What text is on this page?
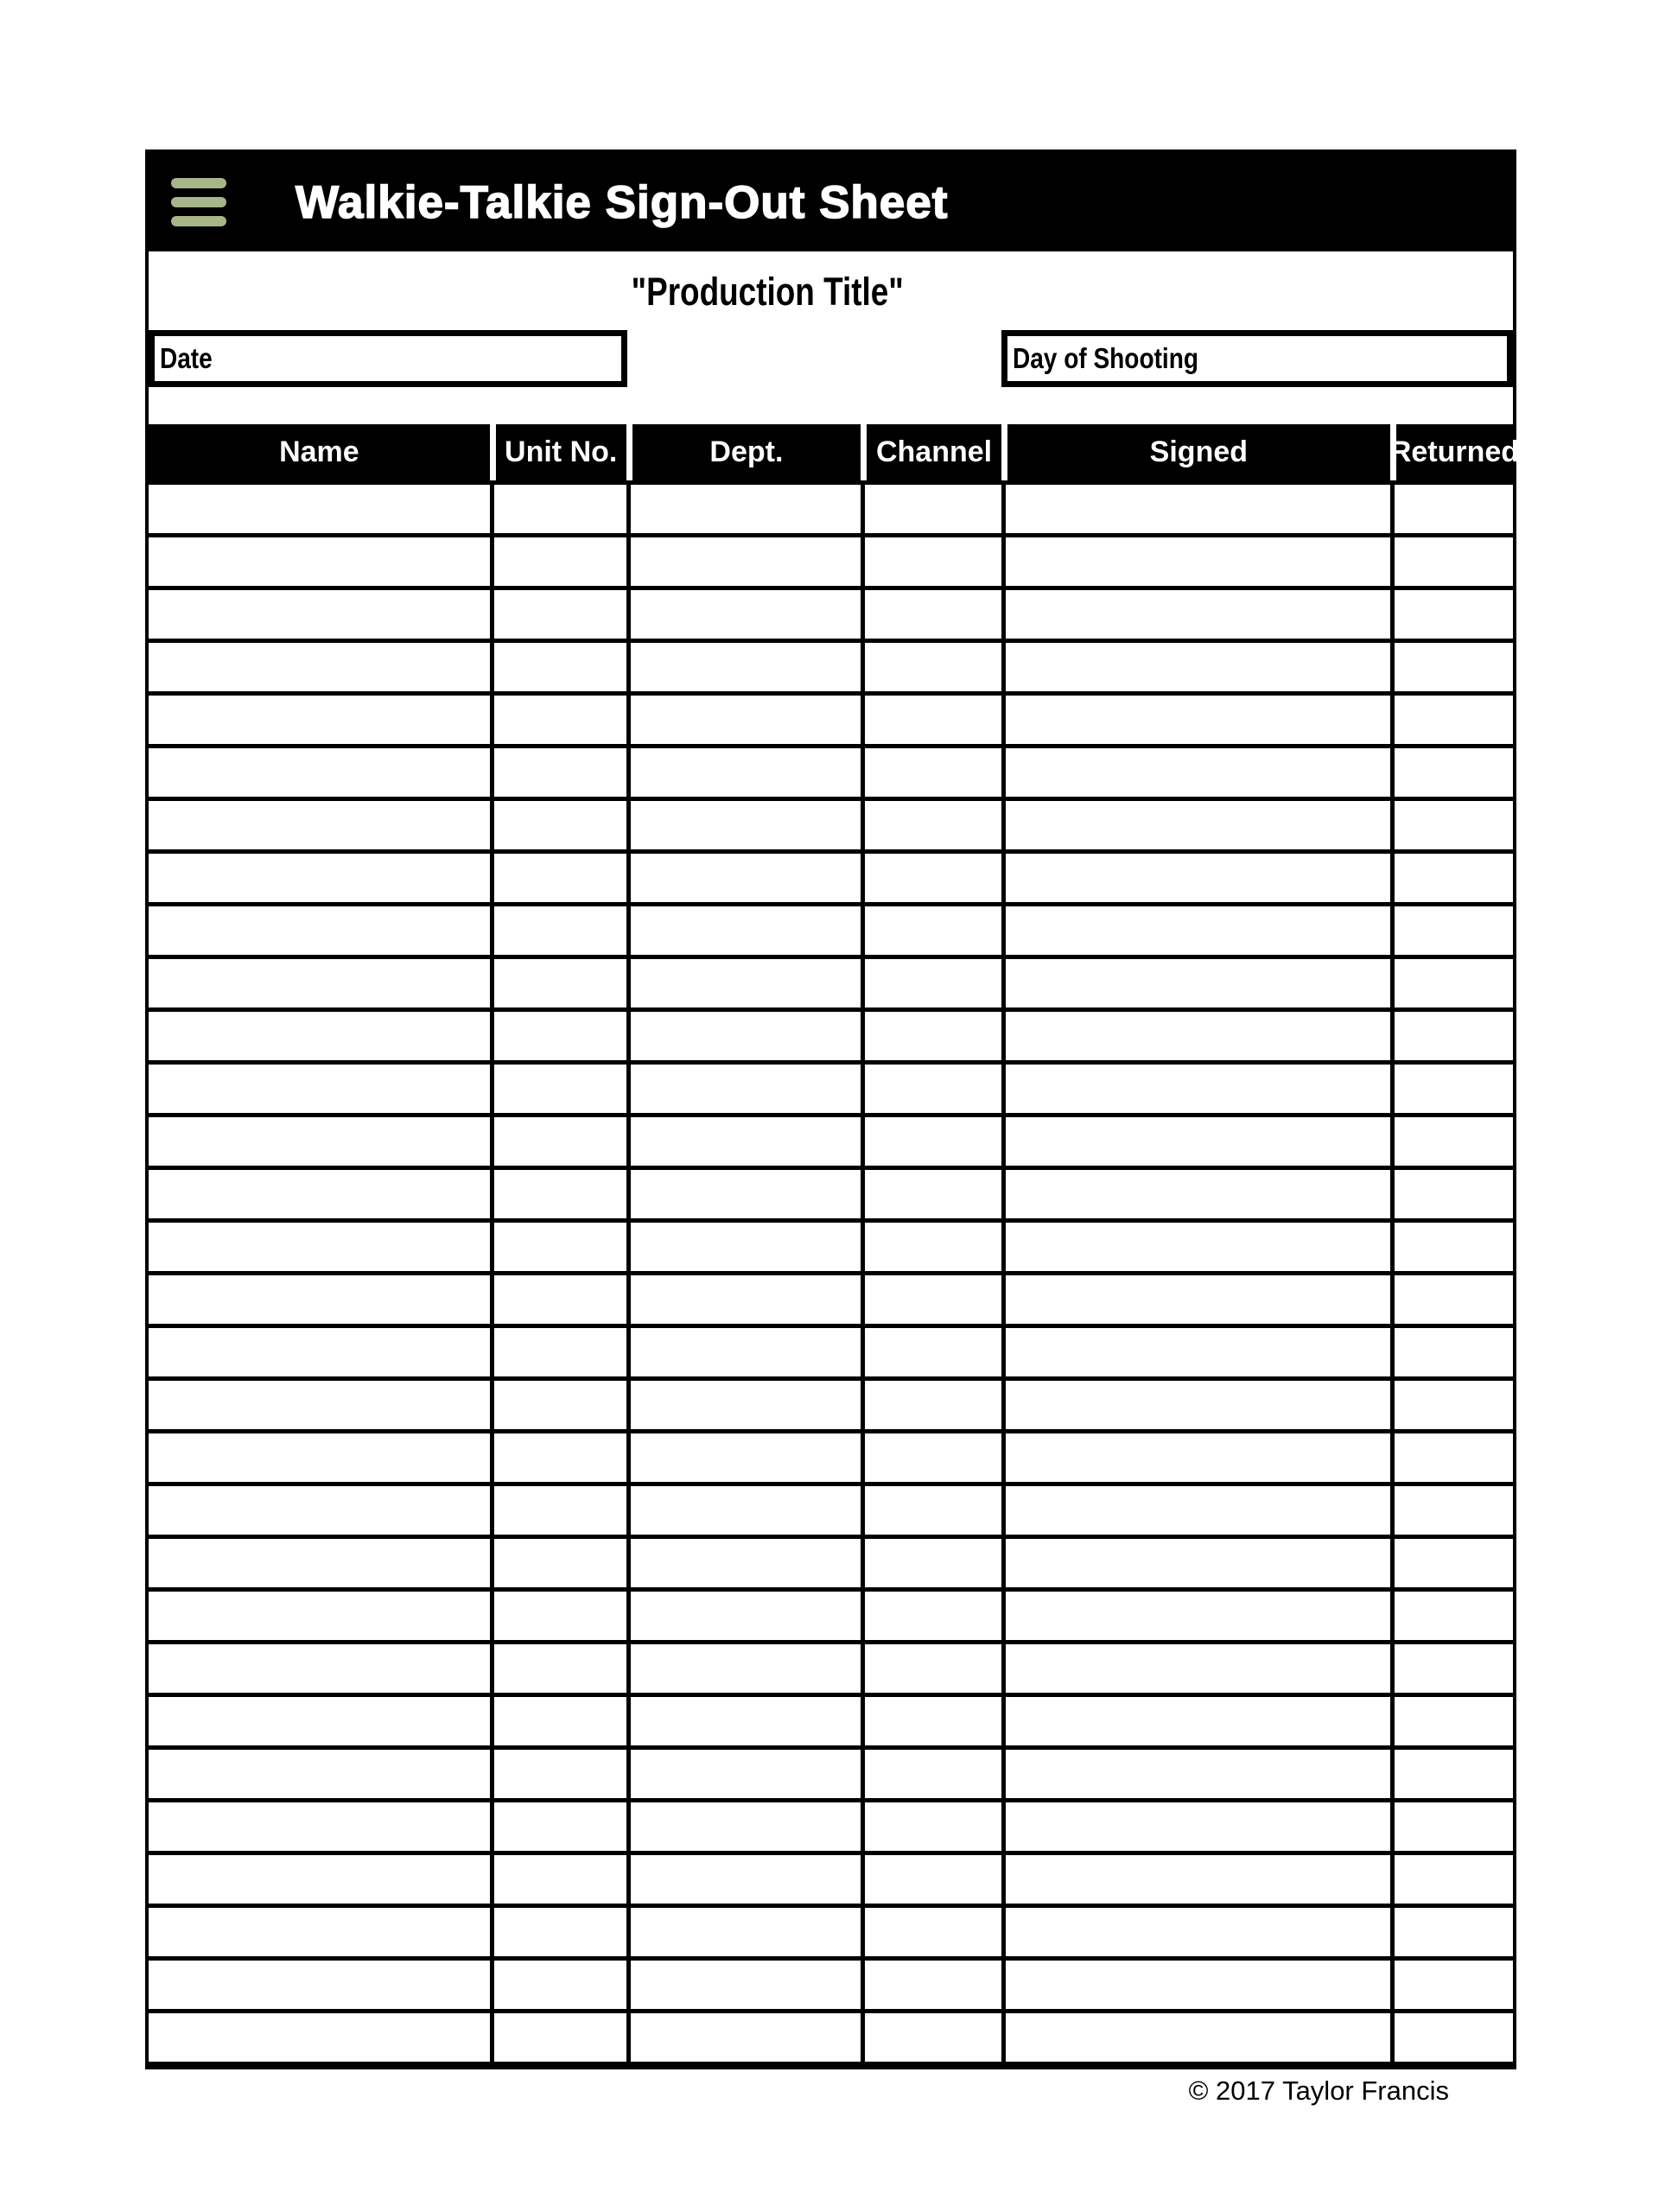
Walkie-Talkie Sign-Out Sheet
"Production Title"
Date	Day of Shooting
Name	Unit No.	Dept.	Channel	Signed	Returned
© 2017 Taylor Francis
